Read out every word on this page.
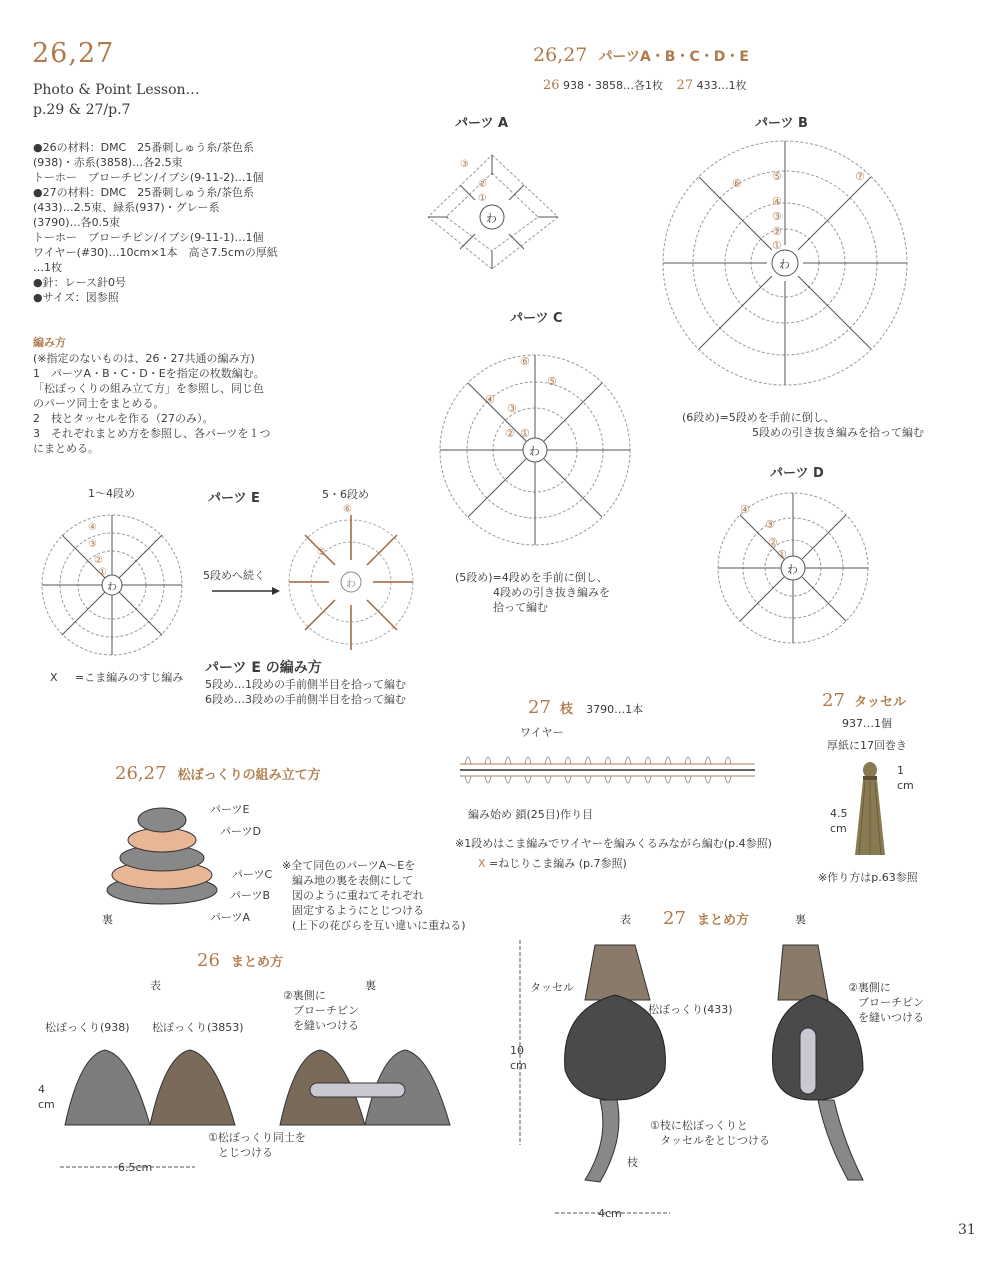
26,27
Photo & Point Lesson…
p.29 & 27/p.7
●26の材料：DMC　25番刺しゅう糸/茶色系
(938)・赤系(3858)…各2.5束
トーホー　ブローチピン/イブシ(9-11-2)…1個
●27の材料：DMC　25番刺しゅう糸/茶色系
(433)…2.5束、緑系(937)・グレー系
(3790)…各0.5束
トーホー　ブローチピン/イブシ(9-11-1)…1個
ワイヤー(#30)…10cm×1本　高さ7.5cmの厚紙
…1枚
●針：レース針0号
●サイズ：図参照
編み方
(※指定のないものは、26・27共通の編み方)
1　パーツA・B・C・D・Eを指定の枚数編む。
「松ぼっくりの組み立て方」を参照し、同じ色
のパーツ同士をまとめる。
2　枝とタッセルを作る（27のみ）。
3　それぞれまとめ方を参照し、各パーツを１つ
にまとめる。
26,27 パーツA・B・C・D・E
26 938・3858…各1枚 27 433…1枚
パーツ A	パーツ B
パーツ C
パーツ D
わ
③
②
①
わ
⑤
④
③
②
①
⑦
⑥
わ
⑥
⑤
④
③
② ①
(5段め)=4段めを手前に倒し、
4段めの引き抜き編みを
拾って編む
(6段め)=5段めを手前に倒し、
5段めの引き抜き編みを拾って編む
わ
④
③
②
①
1〜4段め	パーツ E	5・6段め
わ
④
③
②
①	5段めへ続く
わ
⑥
⑤
Ⅹ =こま編みのすじ編み
パーツ E の編み方
5段め…1段めの手前側半目を拾って編む
6段め…3段めの手前側半目を拾って編む	27 枝 3790…1本
ワイヤー
編み始め 鎖(25目)作り目
※1段めはこま編みでワイヤーを編みくるみながら編む(p.4参照)
Ⅹ =ねじりこま編み (p.7参照)
27 タッセル
937…1個
厚紙に17回巻き
1
cm
4.5
cm
※作り方はp.63参照
26,27 松ぼっくりの組み立て方
パーツE
パーツD
パーツC
パーツB
パーツA
裏
※全て同色のパーツA〜Eを
編み地の裏を表側にして
図のように重ねてそれぞれ
固定するようにとじつける
(上下の花びらを互い違いに重ねる)
26 まとめ方
表	裏
②裏側に
ブローチピン
を縫いつける
松ぼっくり(938) 松ぼっくり(3853)
4
cm
①松ぼっくり同士を
とじつける
6.5cm
27 まとめ方
表	裏
タッセル
松ぼっくり(433)
10
cm
①枝に松ぼっくりと
タッセルをとじつける
枝
②裏側に
ブローチピン
を縫いつける
4cm
31
